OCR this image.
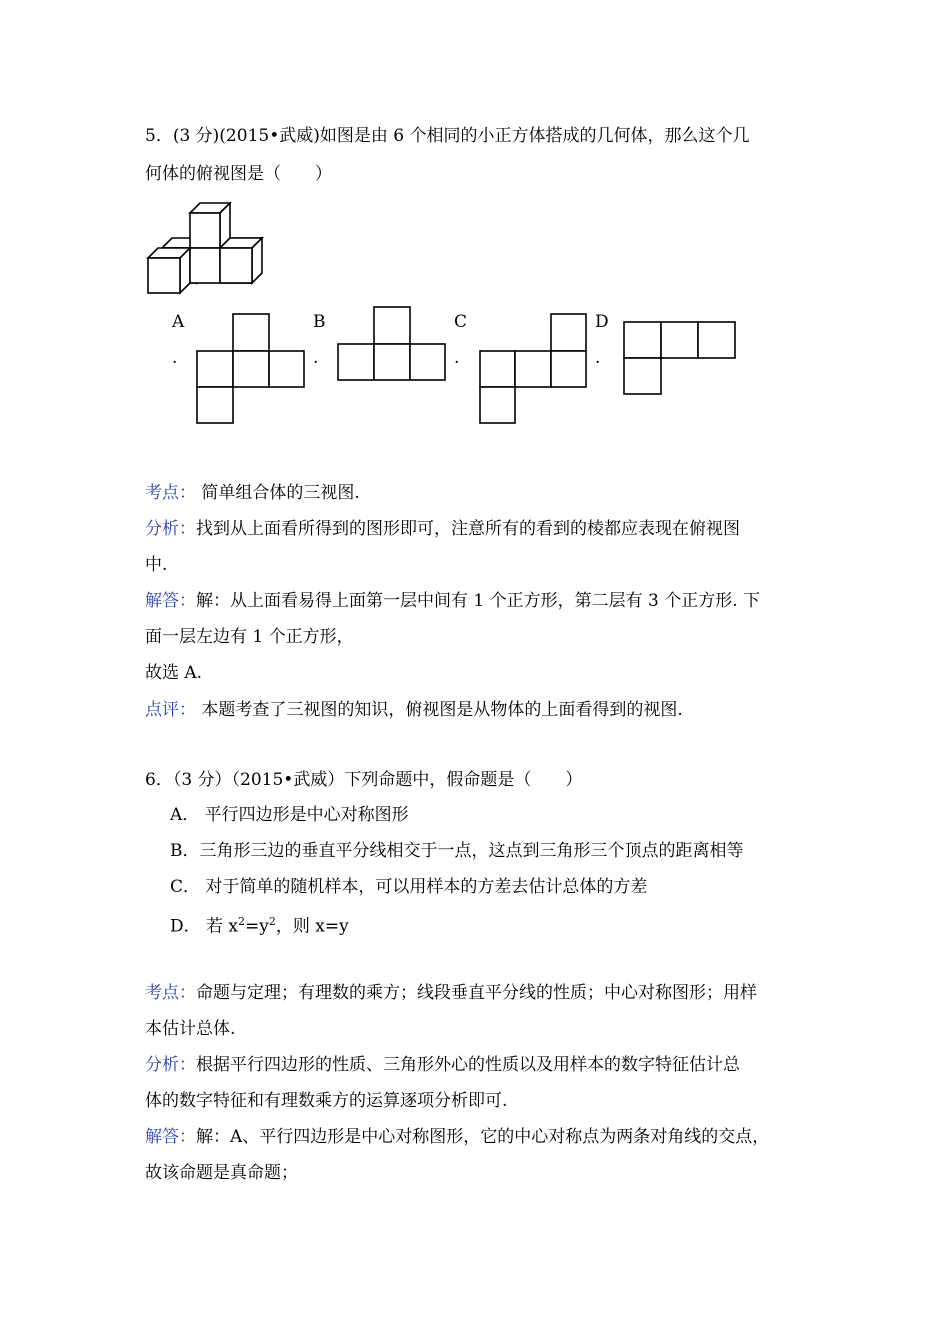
5．(3 分)(2015•武威)如图是由 6 个相同的小正方体搭成的几何体，那么这个几
何体的俯视图是（　　）
A	B	C	D
.	.	.	.
考点： 简单组合体的三视图.
分析：找到从上面看所得到的图形即可，注意所有的看到的棱都应表现在俯视图
中.
解答：解：从上面看易得上面第一层中间有 1 个正方形，第二层有 3 个正方形. 下
面一层左边有 1 个正方形，
故选 A.
点评： 本题考查了三视图的知识，俯视图是从物体的上面看得到的视图.
6．（3 分）（2015•武威）下列命题中，假命题是（　　）
A． 平行四边形是中心对称图形
B．三角形三边的垂直平分线相交于一点，这点到三角形三个顶点的距离相等
C． 对于简单的随机样本，可以用样本的方差去估计总体的方差
D． 若 $x^2=y^2$，则 x=y
考点：命题与定理；有理数的乘方；线段垂直平分线的性质；中心对称图形；用样
本估计总体.
分析：根据平行四边形的性质、三角形外心的性质以及用样本的数字特征估计总
体的数字特征和有理数乘方的运算逐项分析即可.
解答：解：A、平行四边形是中心对称图形，它的中心对称点为两条对角线的交点，
故该命题是真命题；
